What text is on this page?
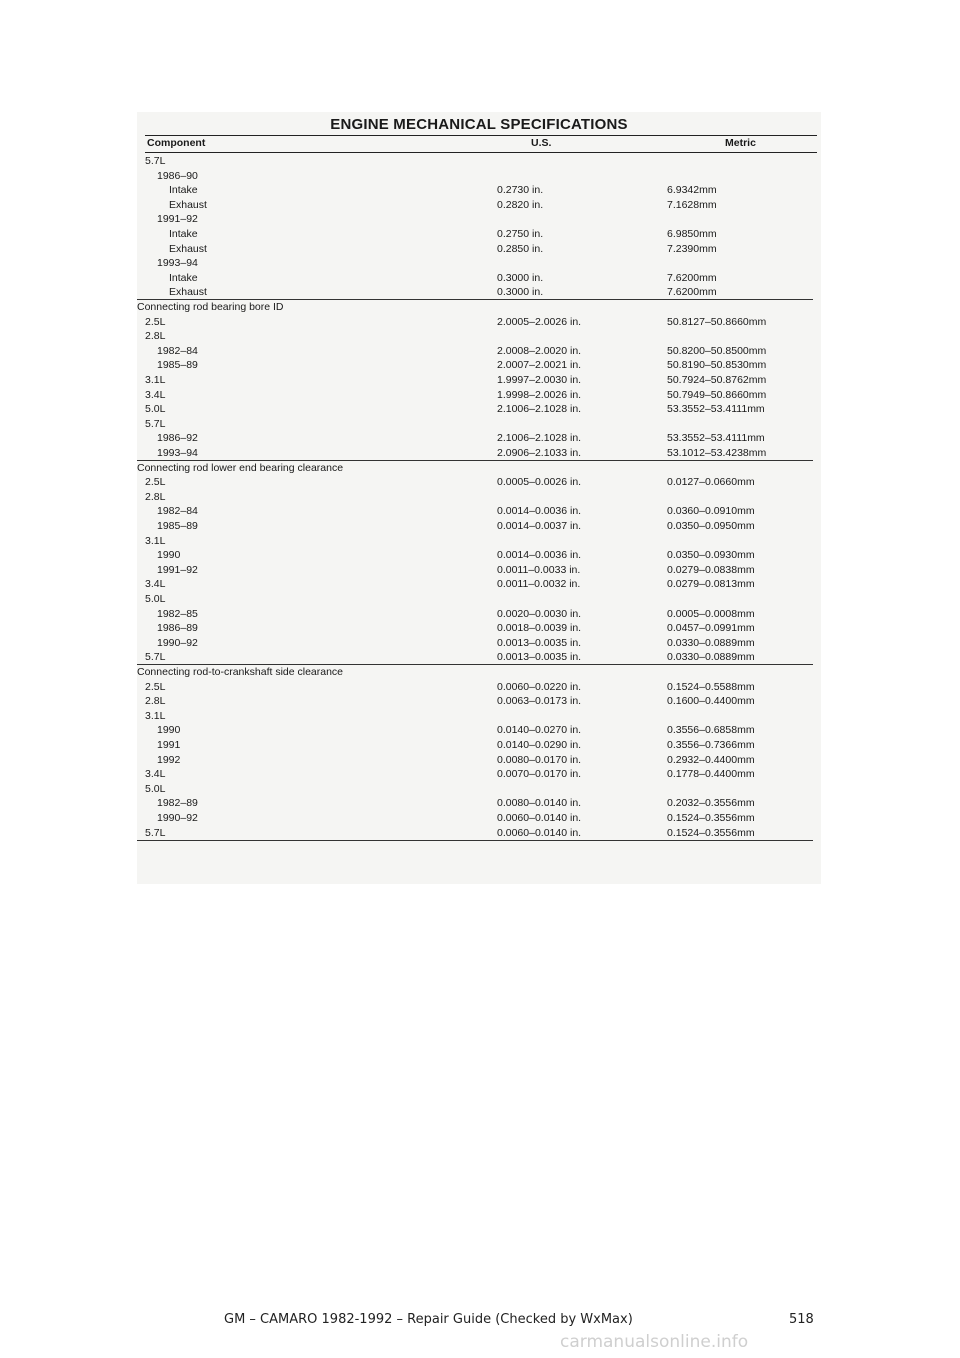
ENGINE MECHANICAL SPECIFICATIONS
Component	U.S.	Metric
5.7L
1986–90
Intake	0.2730 in.	6.9342mm
Exhaust	0.2820 in.	7.1628mm
1991–92
Intake	0.2750 in.	6.9850mm
Exhaust	0.2850 in.	7.2390mm
1993–94
Intake	0.3000 in.	7.6200mm
Exhaust	0.3000 in.	7.6200mm
Connecting rod bearing bore ID
2.5L	2.0005–2.0026 in.	50.8127–50.8660mm
2.8L
1982–84	2.0008–2.0020 in.	50.8200–50.8500mm
1985–89	2.0007–2.0021 in.	50.8190–50.8530mm
3.1L	1.9997–2.0030 in.	50.7924–50.8762mm
3.4L	1.9998–2.0026 in.	50.7949–50.8660mm
5.0L	2.1006–2.1028 in.	53.3552–53.4111mm
5.7L
1986–92	2.1006–2.1028 in.	53.3552–53.4111mm
1993–94	2.0906–2.1033 in.	53.1012–53.4238mm
Connecting rod lower end bearing clearance
2.5L	0.0005–0.0026 in.	0.0127–0.0660mm
2.8L
1982–84	0.0014–0.0036 in.	0.0360–0.0910mm
1985–89	0.0014–0.0037 in.	0.0350–0.0950mm
3.1L
1990	0.0014–0.0036 in.	0.0350–0.0930mm
1991–92	0.0011–0.0033 in.	0.0279–0.0838mm
3.4L	0.0011–0.0032 in.	0.0279–0.0813mm
5.0L
1982–85	0.0020–0.0030 in.	0.0005–0.0008mm
1986–89	0.0018–0.0039 in.	0.0457–0.0991mm
1990–92	0.0013–0.0035 in.	0.0330–0.0889mm
5.7L	0.0013–0.0035 in.	0.0330–0.0889mm
Connecting rod-to-crankshaft side clearance
2.5L	0.0060–0.0220 in.	0.1524–0.5588mm
2.8L	0.0063–0.0173 in.	0.1600–0.4400mm
3.1L
1990	0.0140–0.0270 in.	0.3556–0.6858mm
1991	0.0140–0.0290 in.	0.3556–0.7366mm
1992	0.0080–0.0170 in.	0.2932–0.4400mm
3.4L	0.0070–0.0170 in.	0.1778–0.4400mm
5.0L
1982–89	0.0080–0.0140 in.	0.2032–0.3556mm
1990–92	0.0060–0.0140 in.	0.1524–0.3556mm
5.7L	0.0060–0.0140 in.	0.1524–0.3556mm
GM – CAMARO 1982-1992 – Repair Guide (Checked by WxMax)	518
carmanualsonline.info
